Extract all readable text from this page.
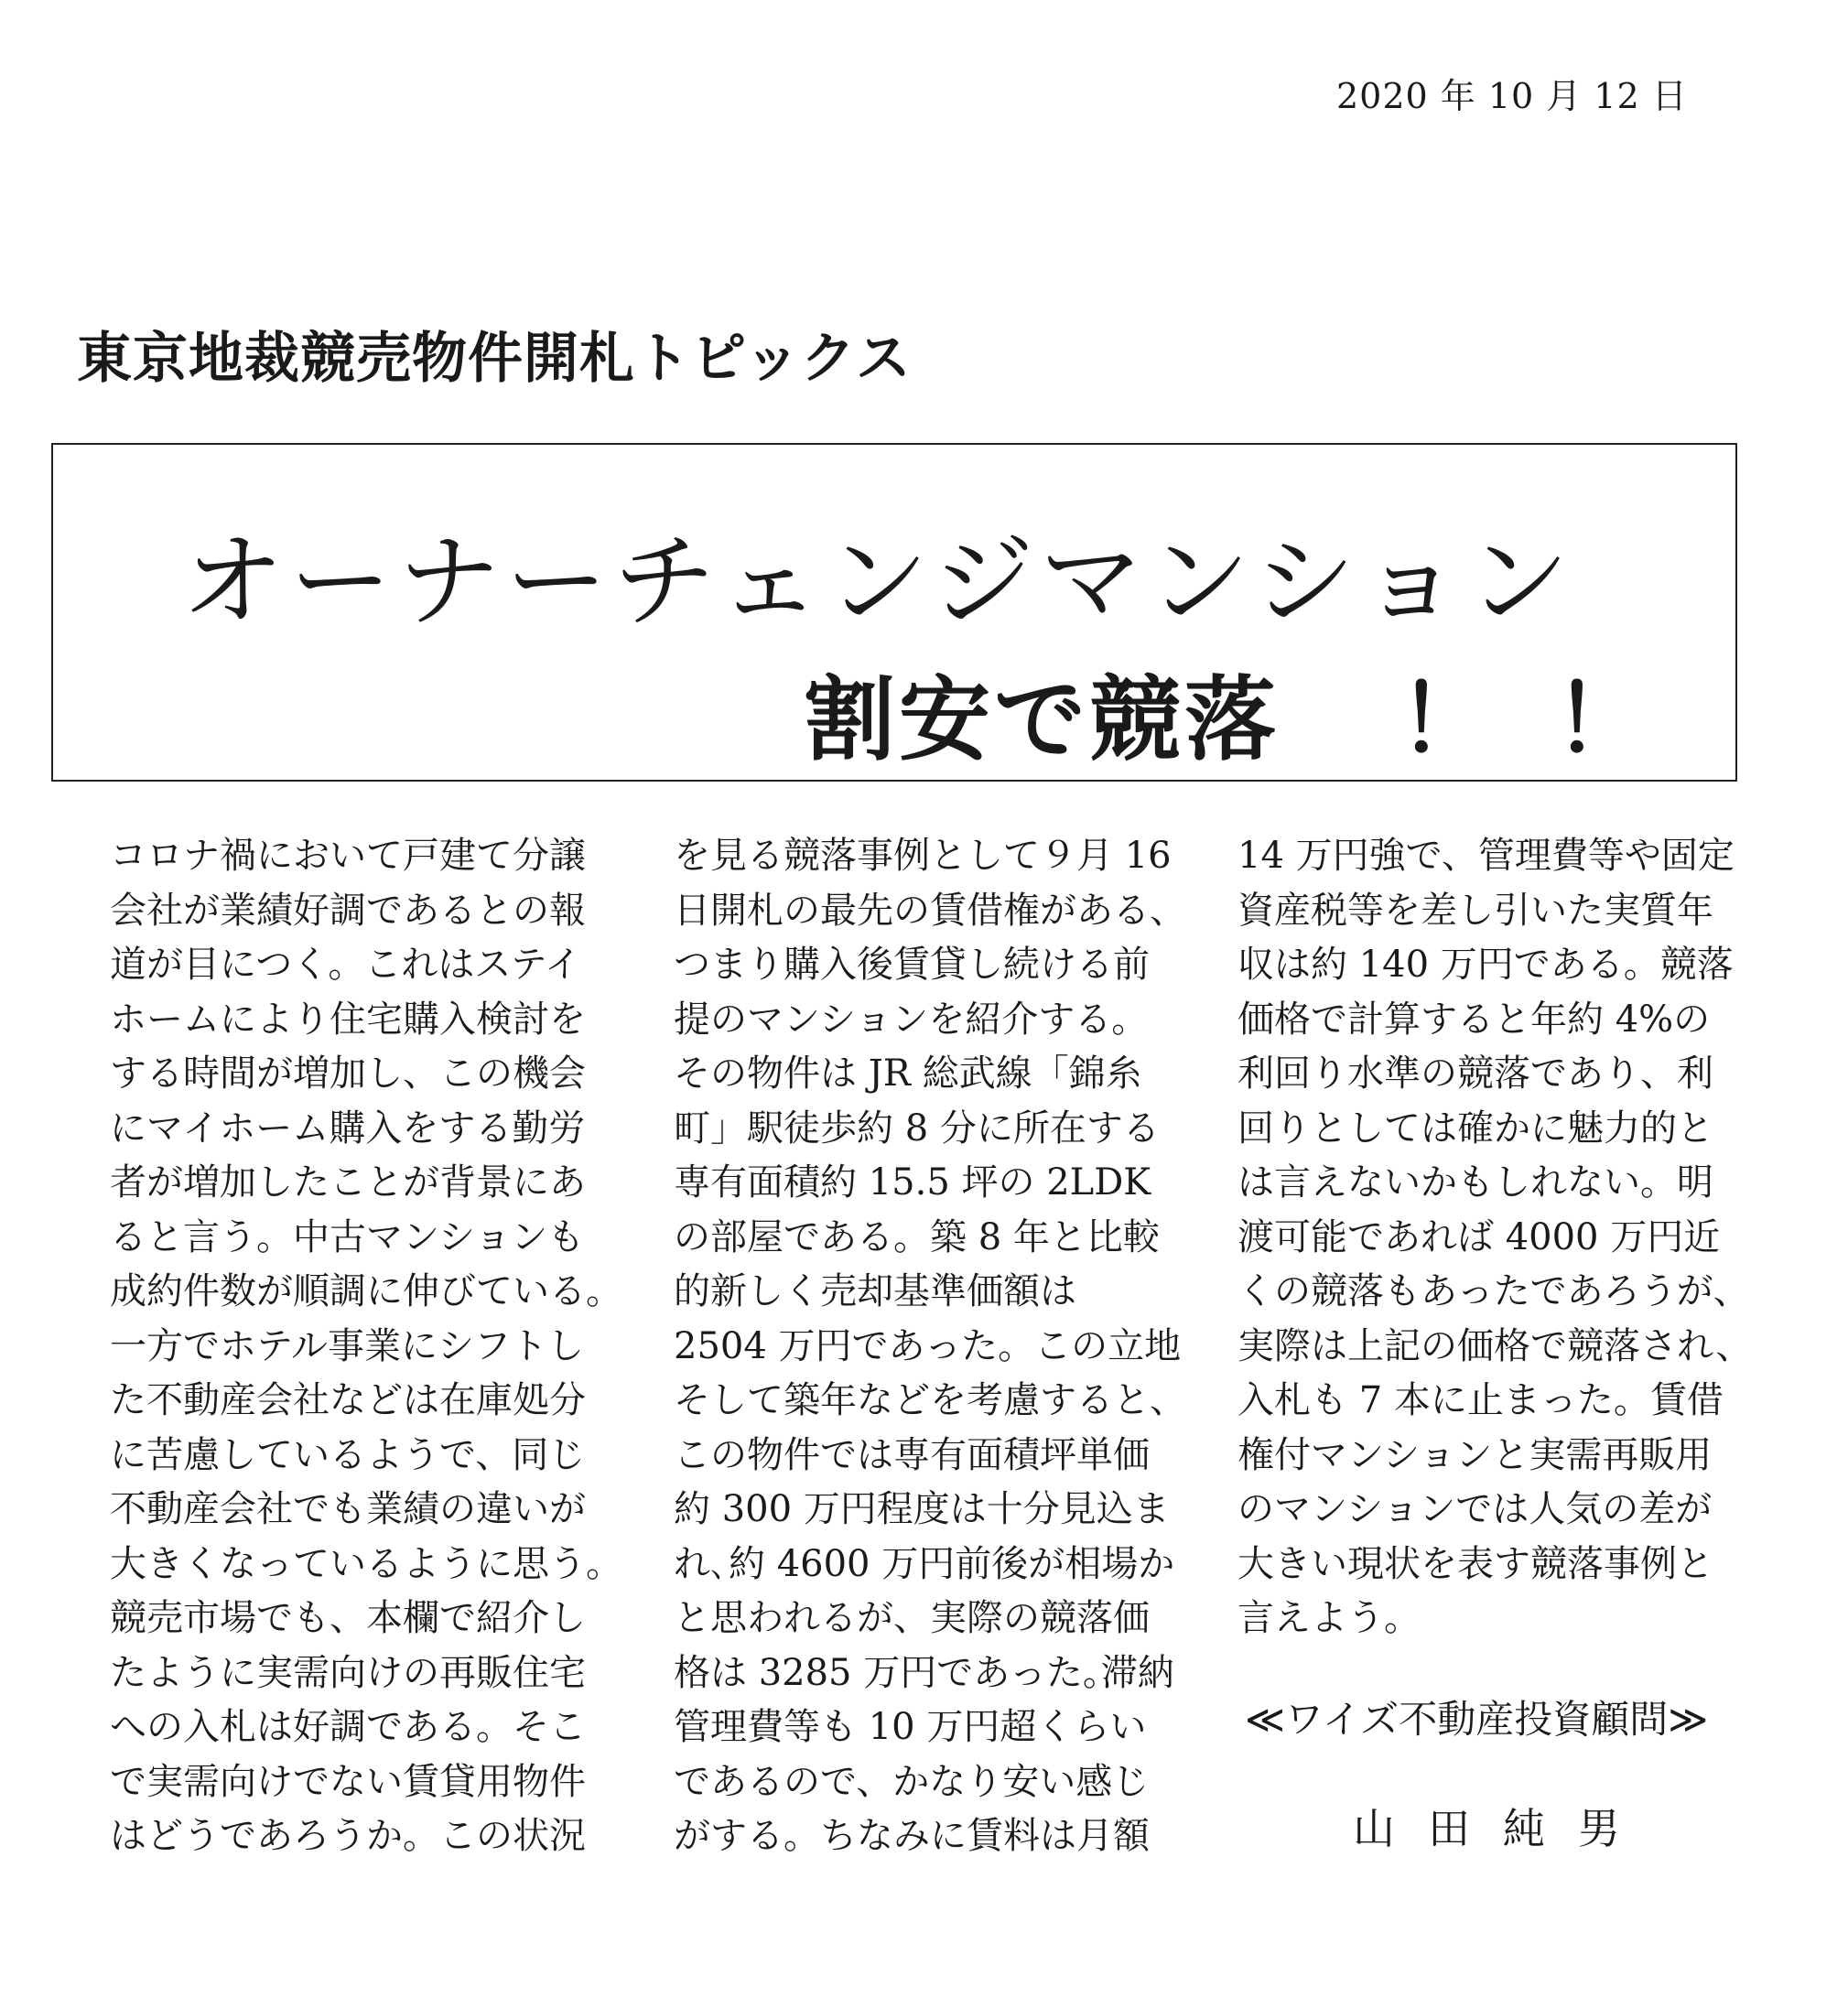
2020 年 10 月 12 日
東京地裁競売物件開札トピックス
オーナーチェンジマンション
割安で競落 ！！
コロナ禍において戸建て分譲
会社が業績好調であるとの報
道が目につく。これはステイ
ホームにより住宅購入検討を
する時間が増加し、この機会
にマイホーム購入をする勤労
者が増加したことが背景にあ
ると言う。中古マンションも
成約件数が順調に伸びている。
一方でホテル事業にシフトし
た不動産会社などは在庫処分
に苦慮しているようで、同じ
不動産会社でも業績の違いが
大きくなっているように思う。
競売市場でも、本欄で紹介し
たように実需向けの再販住宅
への入札は好調である。そこ
で実需向けでない賃貸用物件
はどうであろうか。この状況
を見る競落事例として９月 16
日開札の最先の賃借権がある、
つまり購入後賃貸し続ける前
提のマンションを紹介する。
その物件は JR 総武線「錦糸
町」駅徒歩約 8 分に所在する
専有面積約 15.5 坪の 2LDK
の部屋である。築 8 年と比較
的新しく売却基準価額は
2504 万円であった。この立地
そして築年などを考慮すると、
この物件では専有面積坪単価
約 300 万円程度は十分見込ま
れ､約 4600 万円前後が相場か
と思われるが、実際の競落価
格は 3285 万円であった｡滞納
管理費等も 10 万円超くらい
であるので、かなり安い感じ
がする。ちなみに賃料は月額
14 万円強で、管理費等や固定
資産税等を差し引いた実質年
収は約 140 万円である。競落
価格で計算すると年約 4%の
利回り水準の競落であり、利
回りとしては確かに魅力的と
は言えないかもしれない。明
渡可能であれば 4000 万円近
くの競落もあったであろうが、
実際は上記の価格で競落され、
入札も 7 本に止まった。賃借
権付マンションと実需再販用
のマンションでは人気の差が
大きい現状を表す競落事例と
言えよう。
≪ワイズ不動産投資顧問≫
山田純男
